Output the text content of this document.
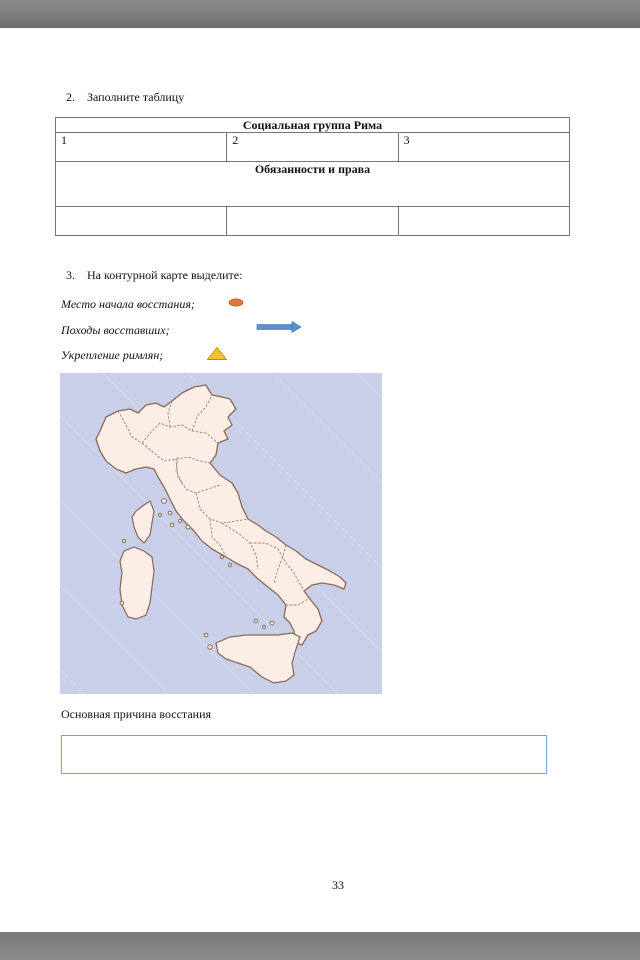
2. Заполните таблицу
Социальная группа Рима		
1	2	3
Обязанности и права		

3. На контурной карте выделите:
Место начала восстания;
Походы восставших;
Укрепление римлян;
Основная причина восстания
33
